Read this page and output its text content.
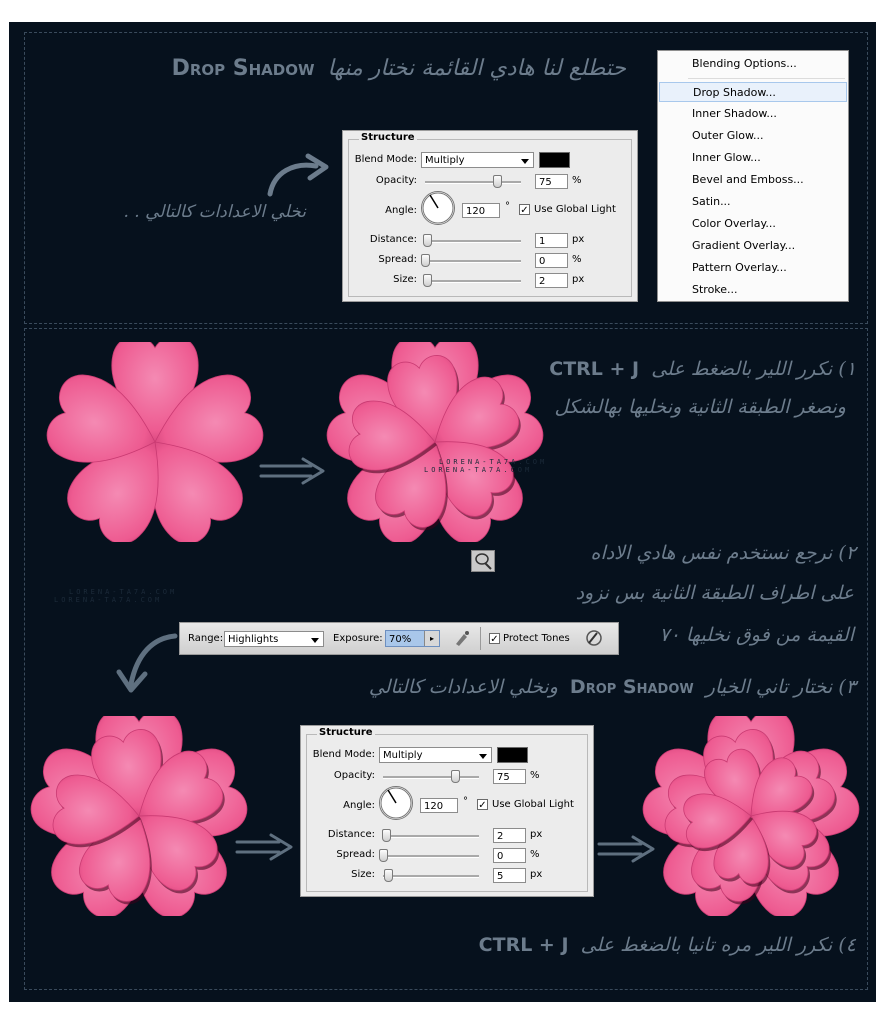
حتطلع لنا هادي القائمة نختار منها Drop Shadow
نخلي الاعدادات كالتالي . .
Structure
Blend Mode: Multiply
Opacity:	75	%
Angle:	120	° ✓ Use Global Light
Distance:	1	px
Spread:	0	%
Size:	2	px
Blending Options...
Drop Shadow...
Inner Shadow...
Outer Glow...
Inner Glow...
Bevel and Emboss...
Satin...
Color Overlay...
Gradient Overlay...
Pattern Overlay...
Stroke...
١) نكرر اللير بالضغط على CTRL + J
ونصغر الطبقة الثانية ونخليها بهالشكل
LORENA-TA7A.COM
LORENA-TA7A.COM
٢) نرجع نستخدم نفس هادي الاداه
على اطراف الطبقة الثانية بس نزود
القيمة من فوق نخليها ٧٠
LORENA-TA7A.COM
LORENA-TA7A.COM
Range: Highlights	Exposure: 70%	▸	✓ Protect Tones
٣) نختار تاني الخيار Drop Shadow ونخلي الاعدادات كالتالي
Structure
Blend Mode: Multiply
Opacity:	75	%
Angle:	120	° ✓ Use Global Light
Distance:	2	px
Spread:	0	%
Size:	5	px
٤) نكرر اللير مره تانيا بالضغط على CTRL + J
